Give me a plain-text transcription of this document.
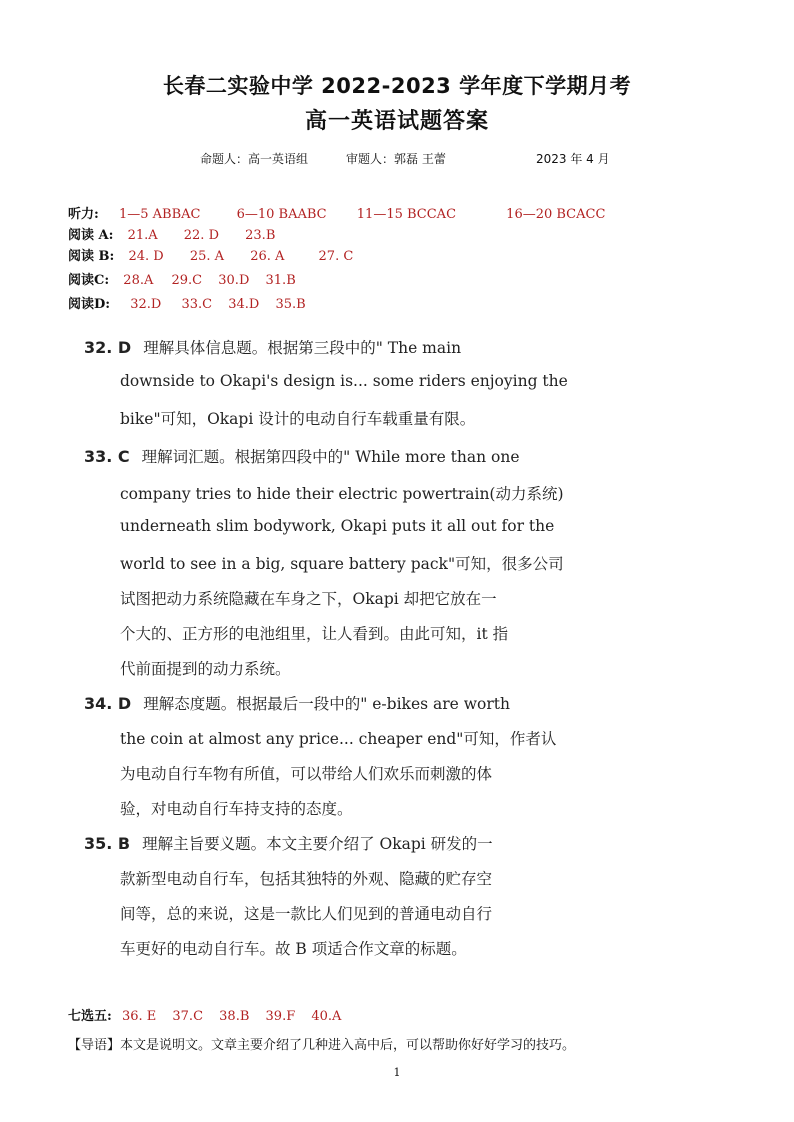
长春二实验中学 2022-2023 学年度下学期月考
高一英语试题答案
命题人：高一英语组	审题人：郭磊 王蕾	2023 年 4 月
听力: 1—5 ABBAC	6—10 BAABC 11—15 BCCAC	16—20 BCACC
阅读 A: 21.A 22. D 23.B
阅读 B: 24. D 25. A 26. A	27. C
阅读C: 28.A 29.C 30.D 31.B
阅读D: 32.D 33.C 34.D 35.B
32. D 理解具体信息题。根据第三段中的" The main
downside to Okapi's design is... some riders enjoying the
bike"可知，Okapi 设计的电动自行车载重量有限。
33. C 理解词汇题。根据第四段中的" While more than one
company tries to hide their electric powertrain(动力系统)
underneath slim bodywork, Okapi puts it all out for the
world to see in a big, square battery pack"可知，很多公司
试图把动力系统隐藏在车身之下，Okapi 却把它放在一
个大的、正方形的电池组里，让人看到。由此可知，it 指
代前面提到的动力系统。
34. D 理解态度题。根据最后一段中的" e-bikes are worth
the coin at almost any price... cheaper end"可知，作者认
为电动自行车物有所值，可以带给人们欢乐而刺激的体
验，对电动自行车持支持的态度。
35. B 理解主旨要义题。本文主要介绍了 Okapi 研发的一
款新型电动自行车，包括其独特的外观、隐藏的贮存空
间等，总的来说，这是一款比人们见到的普通电动自行
车更好的电动自行车。故 B 项适合作文章的标题。
七选五: 36. E 37.C 38.B 39.F 40.A
【导语】本文是说明文。文章主要介绍了几种进入高中后，可以帮助你好好学习的技巧。
1
